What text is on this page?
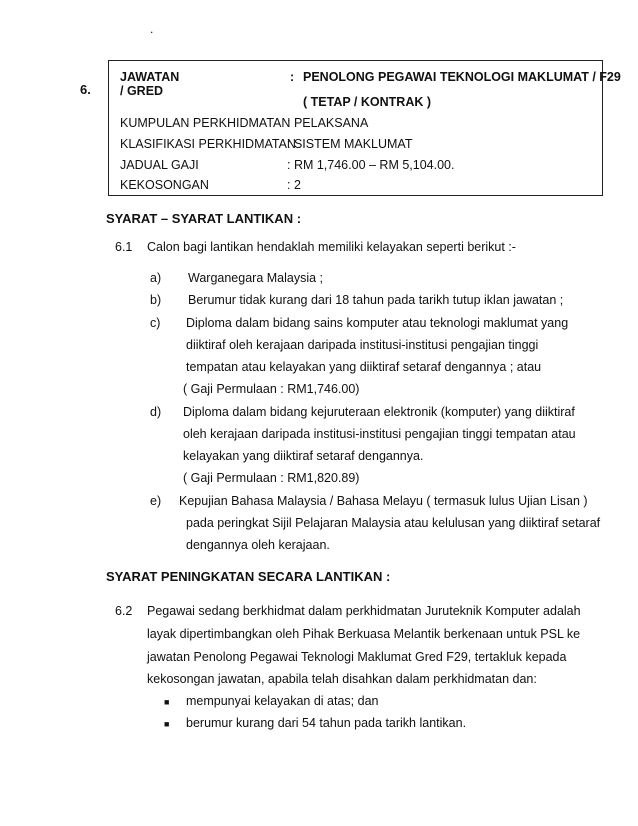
.
6.
JAWATAN / GRED
: PENOLONG PEGAWAI TEKNOLOGI MAKLUMAT / F29
( TETAP / KONTRAK )
KUMPULAN PERKHIDMATAN
: PELAKSANA
KLASIFIKASI PERKHIDMATAN
: SISTEM MAKLUMAT
JADUAL GAJI	: RM 1,746.00 – RM 5,104.00.
KEKOSONGAN	: 2
SYARAT – SYARAT LANTIKAN :
6.1 Calon bagi lantikan hendaklah memiliki kelayakan seperti berikut :-
a) Warganegara Malaysia ;
b) Berumur tidak kurang dari 18 tahun pada tarikh tutup iklan jawatan ;
c) Diploma dalam bidang sains komputer atau teknologi maklumat yang
diiktiraf oleh kerajaan daripada institusi-institusi pengajian tinggi
tempatan atau kelayakan yang diiktiraf setaraf dengannya ; atau
( Gaji Permulaan : RM1,746.00)
d) Diploma dalam bidang kejuruteraan elektronik (komputer) yang diiktiraf
oleh kerajaan daripada institusi-institusi pengajian tinggi tempatan atau
kelayakan yang diiktiraf setaraf dengannya.
( Gaji Permulaan : RM1,820.89)
e) Kepujian Bahasa Malaysia / Bahasa Melayu ( termasuk lulus Ujian Lisan )
pada peringkat Sijil Pelajaran Malaysia atau kelulusan yang diiktiraf setaraf
dengannya oleh kerajaan.
SYARAT PENINGKATAN SECARA LANTIKAN :
6.2 Pegawai sedang berkhidmat dalam perkhidmatan Juruteknik Komputer adalah
layak dipertimbangkan oleh Pihak Berkuasa Melantik berkenaan untuk PSL ke
jawatan Penolong Pegawai Teknologi Maklumat Gred F29, tertakluk kepada
kekosongan jawatan, apabila telah disahkan dalam perkhidmatan dan:
■ mempunyai kelayakan di atas; dan
■ berumur kurang dari 54 tahun pada tarikh lantikan.
